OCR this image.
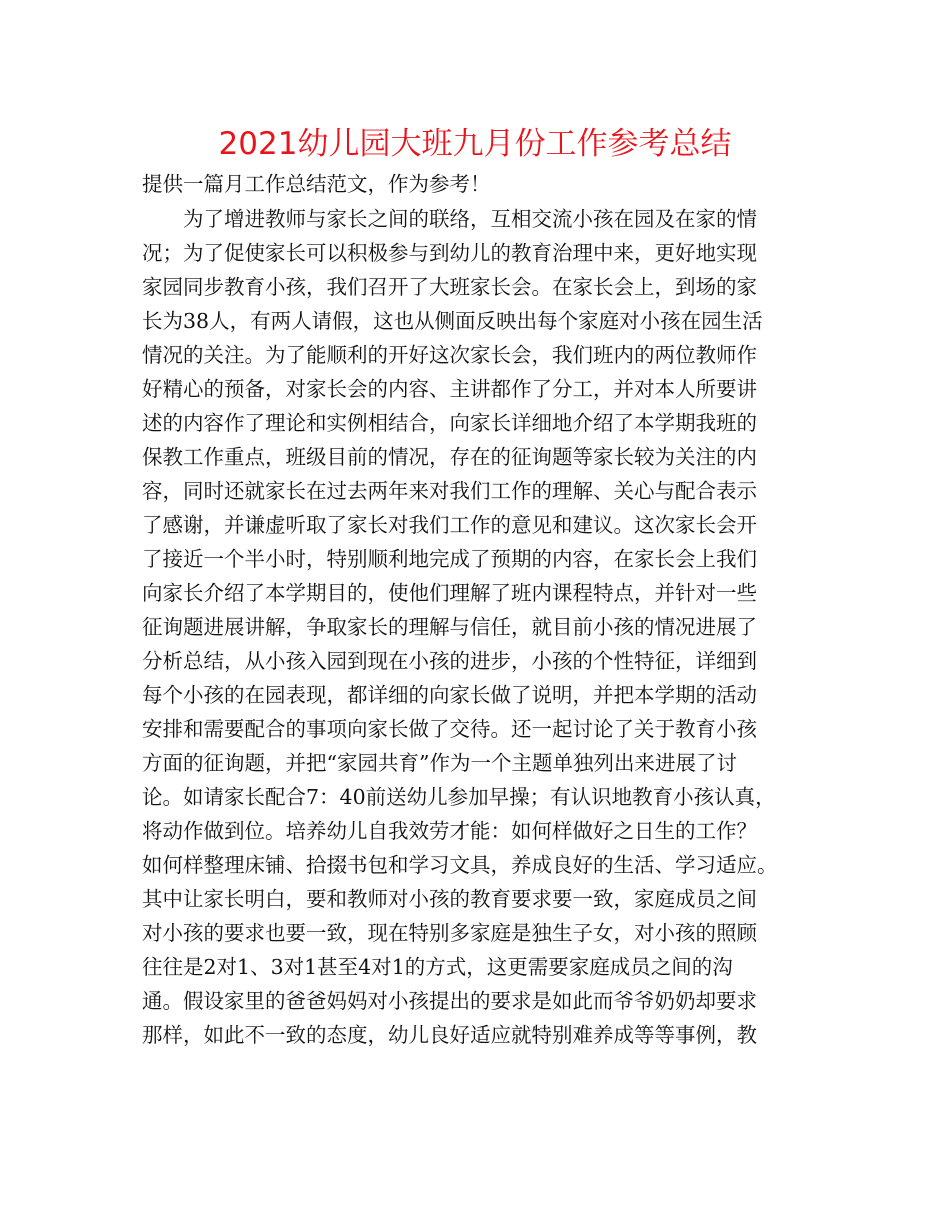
2021幼儿园大班九月份工作参考总结
提供一篇月工作总结范文，作为参考！
　　为了增进教师与家长之间的联络，互相交流小孩在园及在家的情
况；为了促使家长可以积极参与到幼儿的教育治理中来，更好地实现
家园同步教育小孩，我们召开了大班家长会。在家长会上，到场的家
长为38人，有两人请假，这也从侧面反映出每个家庭对小孩在园生活
情况的关注。为了能顺利的开好这次家长会，我们班内的两位教师作
好精心的预备，对家长会的内容、主讲都作了分工，并对本人所要讲
述的内容作了理论和实例相结合，向家长详细地介绍了本学期我班的
保教工作重点，班级目前的情况，存在的征询题等家长较为关注的内
容，同时还就家长在过去两年来对我们工作的理解、关心与配合表示
了感谢，并谦虚听取了家长对我们工作的意见和建议。这次家长会开
了接近一个半小时，特别顺利地完成了预期的内容，在家长会上我们
向家长介绍了本学期目的，使他们理解了班内课程特点，并针对一些
征询题进展讲解，争取家长的理解与信任，就目前小孩的情况进展了
分析总结，从小孩入园到现在小孩的进步，小孩的个性特征，详细到
每个小孩的在园表现，都详细的向家长做了说明，并把本学期的活动
安排和需要配合的事项向家长做了交待。还一起讨论了关于教育小孩
方面的征询题，并把“家园共育”作为一个主题单独列出来进展了讨
论。如请家长配合7：40前送幼儿参加早操；有认识地教育小孩认真，
将动作做到位。培养幼儿自我效劳才能：如何样做好之日生的工作？
如何样整理床铺、拾掇书包和学习文具，养成良好的生活、学习适应。
其中让家长明白，要和教师对小孩的教育要求要一致，家庭成员之间
对小孩的要求也要一致，现在特别多家庭是独生子女，对小孩的照顾
往往是2对1、3对1甚至4对1的方式，这更需要家庭成员之间的沟
通。假设家里的爸爸妈妈对小孩提出的要求是如此而爷爷奶奶却要求
那样，如此不一致的态度，幼儿良好适应就特别难养成等等事例，教
